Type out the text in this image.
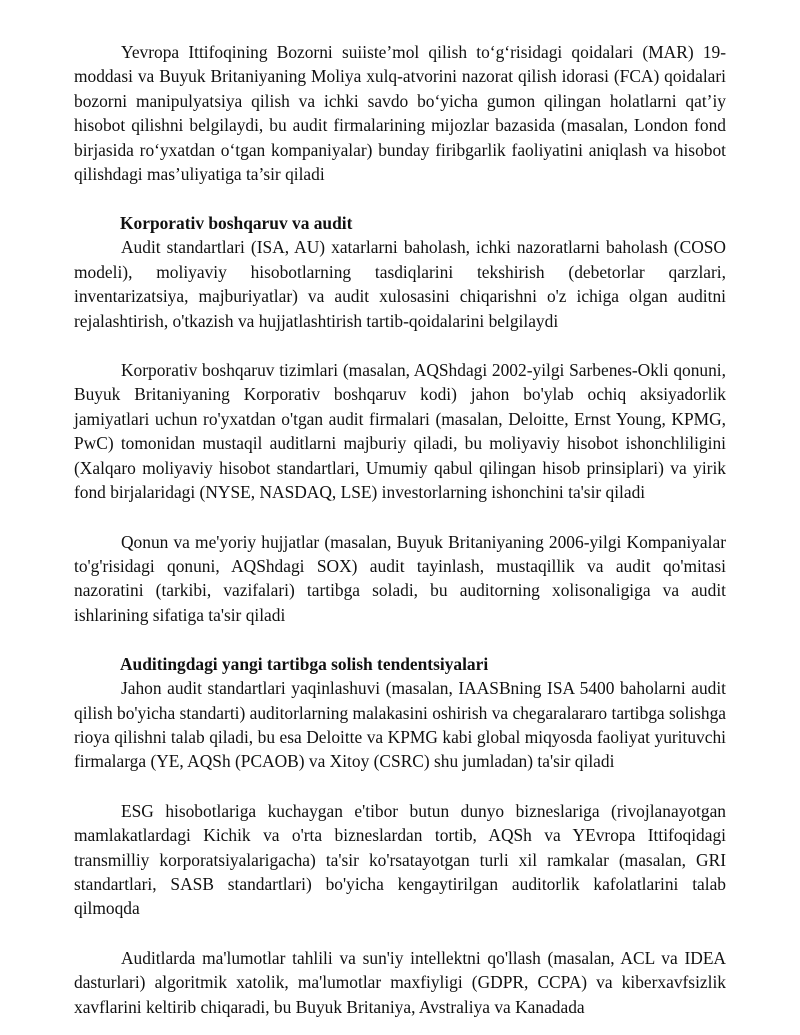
Yevropa Ittifoqining Bozorni suiiste’mol qilish to‘g‘risidagi qoidalari (MAR) 19-moddasi va Buyuk Britaniyaning Moliya xulq-atvorini nazorat qilish idorasi (FCA) qoidalari bozorni manipulyatsiya qilish va ichki savdo bo‘yicha gumon qilingan holatlarni qat’iy hisobot qilishni belgilaydi, bu audit firmalarining mijozlar bazasida (masalan, London fond birjasida ro‘yxatdan o‘tgan kompaniyalar) bunday firibgarlik faoliyatini aniqlash va hisobot qilishdagi mas’uliyatiga ta’sir qiladi

Korporativ boshqaruv va audit

Audit standartlari (ISA, AU) xatarlarni baholash, ichki nazoratlarni baholash (COSO modeli), moliyaviy hisobotlarning tasdiqlarini tekshirish (debetorlar qarzlari, inventarizatsiya, majburiyatlar) va audit xulosasini chiqarishni o'z ichiga olgan auditni rejalashtirish, o'tkazish va hujjatlashtirish tartib-qoidalarini belgilaydi

Korporativ boshqaruv tizimlari (masalan, AQShdagi 2002-yilgi Sarbenes-Okli qonuni, Buyuk Britaniyaning Korporativ boshqaruv kodi) jahon bo'ylab ochiq aksiyadorlik jamiyatlari uchun ro'yxatdan o'tgan audit firmalari (masalan, Deloitte, Ernst Young, KPMG, PwC) tomonidan mustaqil auditlarni majburiy qiladi, bu moliyaviy hisobot ishonchliligini (Xalqaro moliyaviy hisobot standartlari, Umumiy qabul qilingan hisob prinsiplari) va yirik fond birjalaridagi (NYSE, NASDAQ, LSE) investorlarning ishonchini ta'sir qiladi

Qonun va me'yoriy hujjatlar (masalan, Buyuk Britaniyaning 2006-yilgi Kompaniyalar to'g'risidagi qonuni, AQShdagi SOX) audit tayinlash, mustaqillik va audit qo'mitasi nazoratini (tarkibi, vazifalari) tartibga soladi, bu auditorning xolisonaligiga va audit ishlarining sifatiga ta'sir qiladi

Auditingdagi yangi tartibga solish tendentsiyalari

Jahon audit standartlari yaqinlashuvi (masalan, IAASBning ISA 5400 baholarni audit qilish bo'yicha standarti) auditorlarning malakasini oshirish va chegaralararo tartibga solishga rioya qilishni talab qiladi, bu esa Deloitte va KPMG kabi global miqyosda faoliyat yurituvchi firmalarga (YE, AQSh (PCAOB) va Xitoy (CSRC) shu jumladan) ta'sir qiladi

ESG hisobotlariga kuchaygan e'tibor butun dunyo bizneslariga (rivojlanayotgan mamlakatlardagi Kichik va o'rta bizneslardan tortib, AQSh va YEvropa Ittifoqidagi transmilliy korporatsiyalarigacha) ta'sir ko'rsatayotgan turli xil ramkalar (masalan, GRI standartlari, SASB standartlari) bo'yicha kengaytirilgan auditorlik kafolatlarini talab qilmoqda

Auditlarda ma'lumotlar tahlili va sun'iy intellektni qo'llash (masalan, ACL va IDEA dasturlari) algoritmik xatolik, ma'lumotlar maxfiyligi (GDPR, CCPA) va kiberxavfsizlik xavflarini keltirib chiqaradi, bu Buyuk Britaniya, Avstraliya va Kanadada
